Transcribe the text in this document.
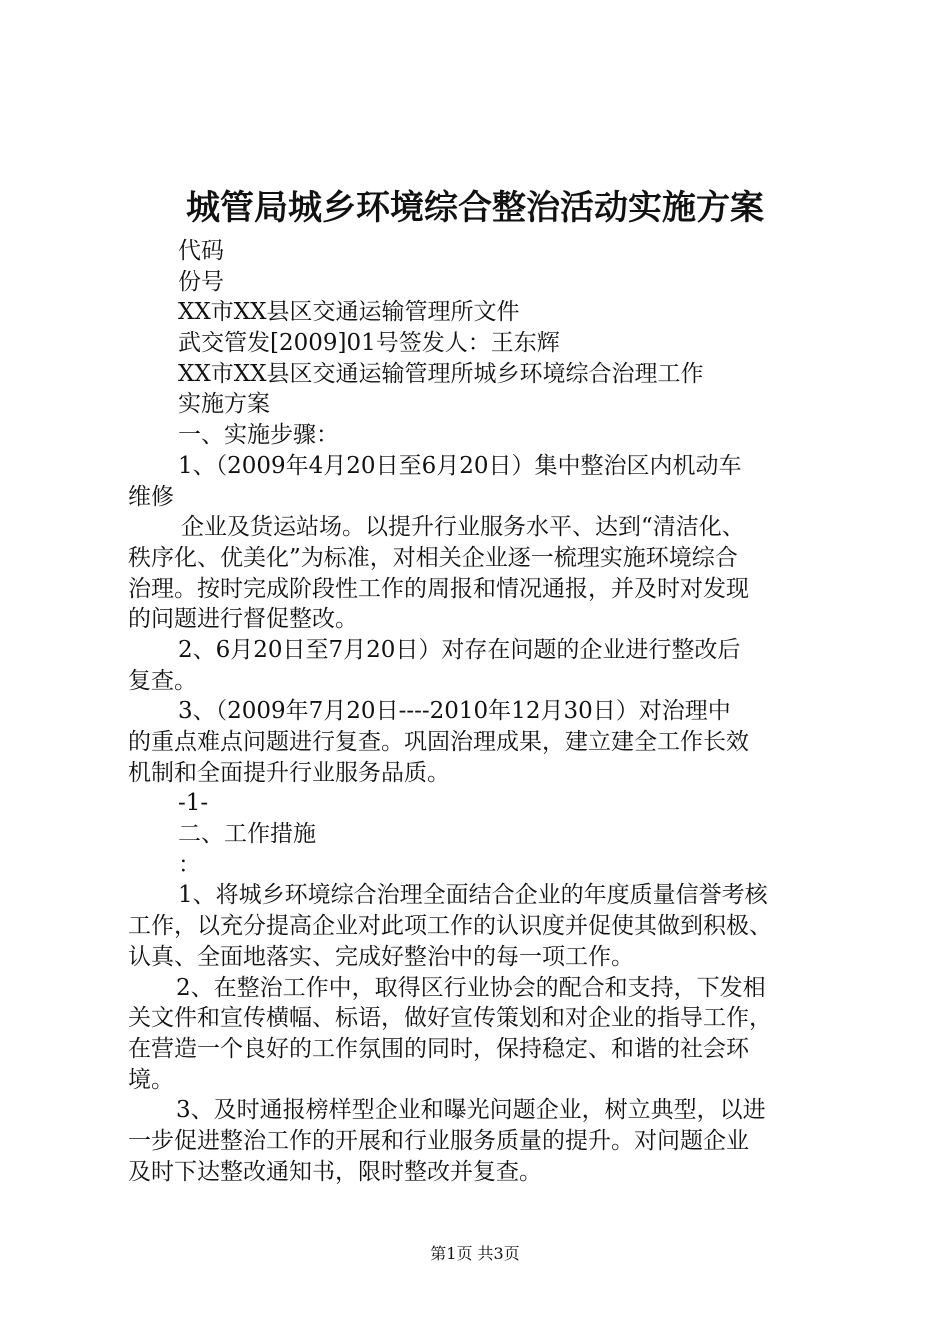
城管局城乡环境综合整治活动实施方案
代码
份号
XX市XX县区交通运输管理所文件
武交管发[2009]01号签发人：王东辉
XX市XX县区交通运输管理所城乡环境综合治理工作
实施方案
一、实施步骤：
1、（2009年4月20日至6月20日）集中整治区内机动车
维修
企业及货运站场。以提升行业服务水平、达到“清洁化、
秩序化、优美化”为标准，对相关企业逐一梳理实施环境综合
治理。按时完成阶段性工作的周报和情况通报，并及时对发现
的问题进行督促整改。
2、6月20日至7月20日）对存在问题的企业进行整改后
复查。
3、（2009年7月20日----2010年12月30日）对治理中
的重点难点问题进行复查。巩固治理成果，建立建全工作长效
机制和全面提升行业服务品质。
-1-
二、工作措施
：
1、将城乡环境综合治理全面结合企业的年度质量信誉考核
工作，以充分提高企业对此项工作的认识度并促使其做到积极、
认真、全面地落实、完成好整治中的每一项工作。
2、在整治工作中，取得区行业协会的配合和支持，下发相
关文件和宣传横幅、标语，做好宣传策划和对企业的指导工作，
在营造一个良好的工作氛围的同时，保持稳定、和谐的社会环
境。
3、及时通报榜样型企业和曝光问题企业，树立典型，以进
一步促进整治工作的开展和行业服务质量的提升。对问题企业
及时下达整改通知书，限时整改并复查。
第1页 共3页
